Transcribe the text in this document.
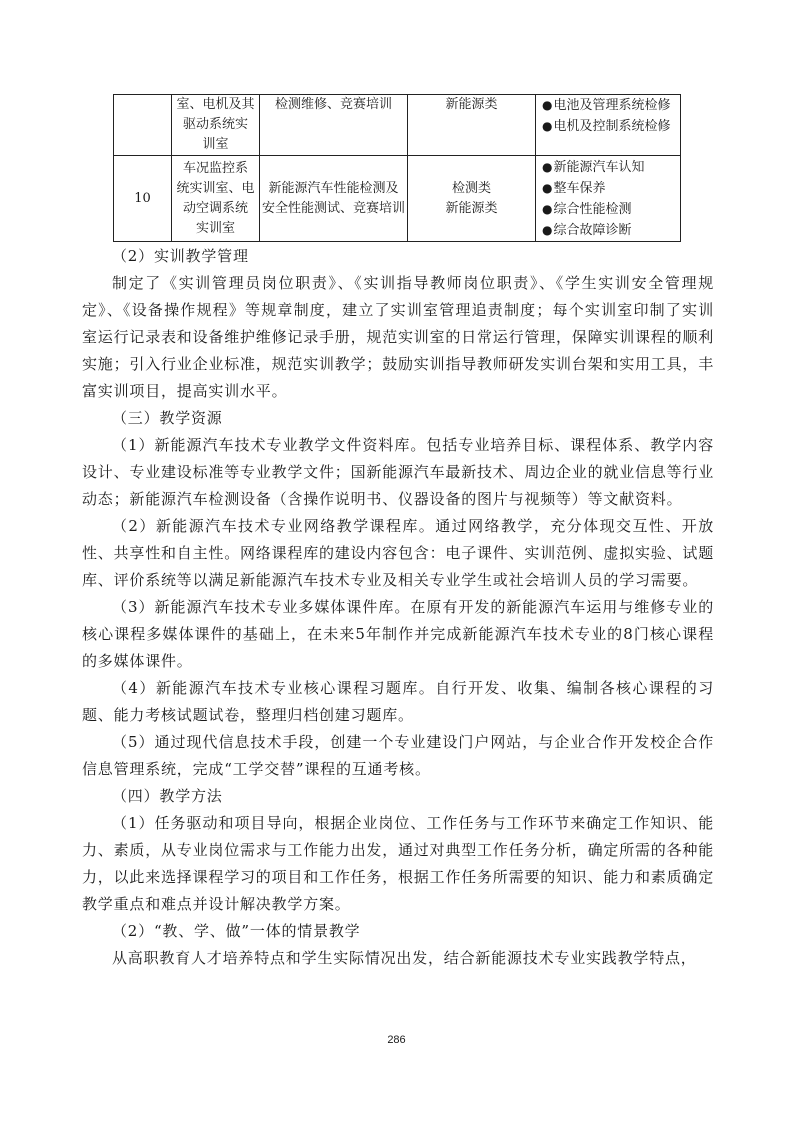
	室、电机及其
驱动系统实
训室	检测维修、竞赛培训	新能源类	● 电池及管理系统检修
● 电机及控制系统检修

10	车况监控系
统实训室、电
动空调系统
实训室	新能源汽车性能检测及
安全性能测试、竞赛培训	检测类
新能源类	● 新能源汽车认知
● 整车保养
● 综合性能检测
● 综合故障诊断

（2）实训教学管理

制定了《实训管理员岗位职责》、《实训指导教师岗位职责》、《学生实训安全管理规定》、《设备操作规程》等规章制度，建立了实训室管理追责制度；每个实训室印制了实训室运行记录表和设备维护维修记录手册，规范实训室的日常运行管理，保障实训课程的顺利实施；引入行业企业标准，规范实训教学；鼓励实训指导教师研发实训台架和实用工具，丰富实训项目，提高实训水平。

（三）教学资源

（1）新能源汽车技术专业教学文件资料库。包括专业培养目标、课程体系、教学内容设计、专业建设标准等专业教学文件；国新能源汽车最新技术、周边企业的就业信息等行业动态；新能源汽车检测设备（含操作说明书、仪器设备的图片与视频等）等文献资料。

（2）新能源汽车技术专业网络教学课程库。通过网络教学，充分体现交互性、开放性、共享性和自主性。网络课程库的建设内容包含：电子课件、实训范例、虚拟实验、试题库、评价系统等以满足新能源汽车技术专业及相关专业学生或社会培训人员的学习需要。

（3）新能源汽车技术专业多媒体课件库。在原有开发的新能源汽车运用与维修专业的核心课程多媒体课件的基础上，在未来5年制作并完成新能源汽车技术专业的8门核心课程的多媒体课件。

（4）新能源汽车技术专业核心课程习题库。自行开发、收集、编制各核心课程的习题、能力考核试题试卷，整理归档创建习题库。

（5）通过现代信息技术手段，创建一个专业建设门户网站，与企业合作开发校企合作信息管理系统，完成“工学交替”课程的互通考核。

（四）教学方法

（1）任务驱动和项目导向，根据企业岗位、工作任务与工作环节来确定工作知识、能力、素质，从专业岗位需求与工作能力出发，通过对典型工作任务分析，确定所需的各种能力，以此来选择课程学习的项目和工作任务，根据工作任务所需要的知识、能力和素质确定教学重点和难点并设计解决教学方案。

（2）“教、学、做”一体的情景教学

从高职教育人才培养特点和学生实际情况出发，结合新能源技术专业实践教学特点，

286
